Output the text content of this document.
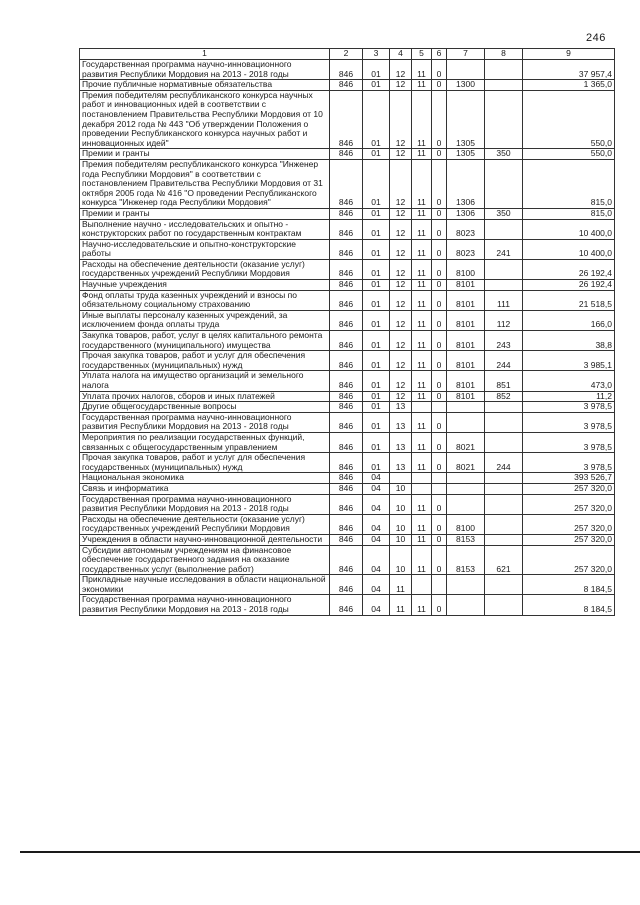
246
1	2	3	4	5	6	7	8	9
Государственная программа научно-инновационного развития Республики Мордовия на 2013 - 2018 годы	846	01	12	11	0			37 957,4
Прочие публичные нормативные обязательства	846	01	12	11	0	1300		1 365,0
Премия победителям республиканского конкурса научных работ и инновационных идей в соответствии с постановлением Правительства Республики Мордовия от 10 декабря 2012 года № 443 "Об утверждении Положения о проведении Республиканского конкурса научных работ и инновационных идей"	846	01	12	11	0	1305		550,0
Премии и гранты	846	01	12	11	0	1305	350	550,0
Премия победителям республиканского конкурса "Инженер года Республики Мордовия" в соответствии с постановлением Правительства Республики Мордовия от 31 октября 2005 года № 416 "О проведении Республиканского конкурса "Инженер года Республики Мордовия"	846	01	12	11	0	1306		815,0
Премии и гранты	846	01	12	11	0	1306	350	815,0
Выполнение научно - исследовательских и опытно - конструкторских работ по государственным контрактам	846	01	12	11	0	8023		10 400,0
Научно-исследовательские и опытно-конструкторские работы	846	01	12	11	0	8023	241	10 400,0
Расходы на обеспечение деятельности (оказание услуг) государственных учреждений Республики Мордовия	846	01	12	11	0	8100		26 192,4
Научные учреждения	846	01	12	11	0	8101		26 192,4
Фонд оплаты труда казенных учреждений и взносы по обязательному социальному страхованию	846	01	12	11	0	8101	111	21 518,5
Иные выплаты персоналу казенных учреждений, за исключением фонда оплаты труда	846	01	12	11	0	8101	112	166,0
Закупка товаров, работ, услуг в целях капитального ремонта государственного (муниципального) имущества	846	01	12	11	0	8101	243	38,8
Прочая закупка товаров, работ и услуг для обеспечения государственных (муниципальных) нужд	846	01	12	11	0	8101	244	3 985,1
Уплата налога на имущество организаций и земельного налога	846	01	12	11	0	8101	851	473,0
Уплата прочих налогов, сборов и иных платежей	846	01	12	11	0	8101	852	11,2
Другие общегосударственные вопросы	846	01	13					3 978,5
Государственная программа научно-инновационного развития Республики Мордовия на 2013 - 2018 годы	846	01	13	11	0			3 978,5
Мероприятия по реализации государственных функций, связанных с общегосударственным управлением	846	01	13	11	0	8021		3 978,5
Прочая закупка товаров, работ и услуг для обеспечения государственных (муниципальных) нужд	846	01	13	11	0	8021	244	3 978,5
Национальная экономика	846	04						393 526,7
Связь и информатика	846	04	10					257 320,0
Государственная программа научно-инновационного развития Республики Мордовия на 2013 - 2018 годы	846	04	10	11	0			257 320,0
Расходы на обеспечение деятельности (оказание услуг) государственных учреждений Республики Мордовия	846	04	10	11	0	8100		257 320,0
Учреждения в области научно-инновационной деятельности	846	04	10	11	0	8153		257 320,0
Субсидии автономным учреждениям на финансовое обеспечение государственного задания на оказание государственных услуг (выполнение работ)	846	04	10	11	0	8153	621	257 320,0
Прикладные научные исследования в области национальной экономики	846	04	11					8 184,5
Государственная программа научно-инновационного развития Республики Мордовия на 2013 - 2018 годы	846	04	11	11	0			8 184,5
